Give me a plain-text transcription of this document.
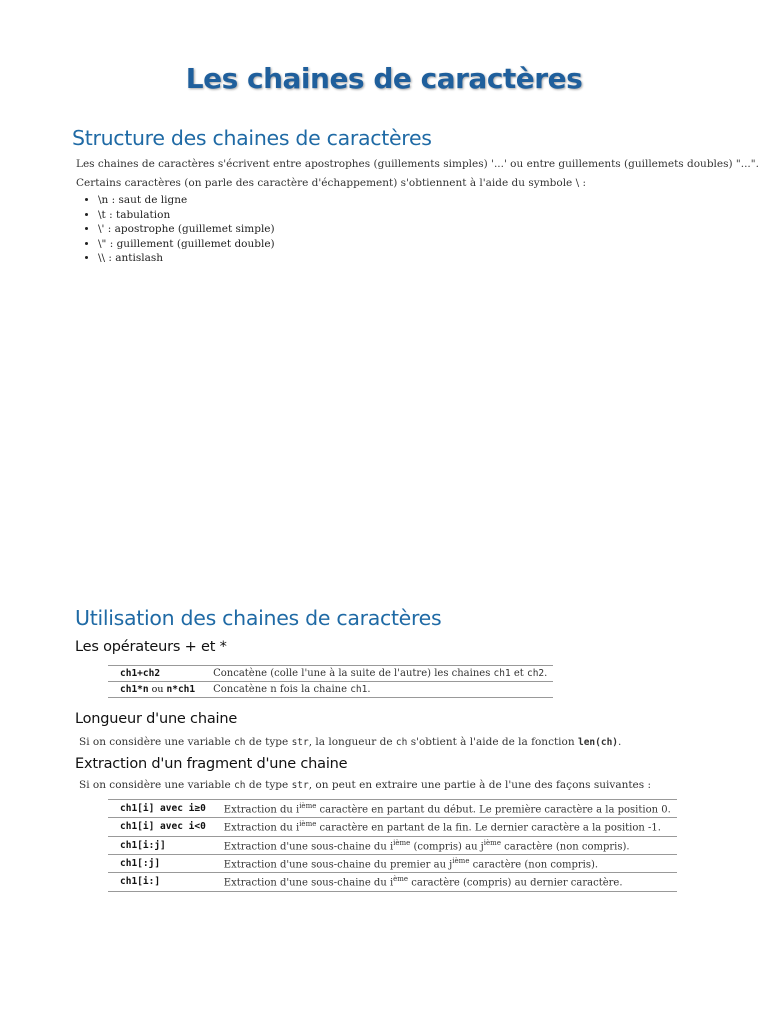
Les chaines de caractères
Structure des chaines de caractères

Les chaines de caractères s'écrivent entre apostrophes (guillements simples) '...' ou entre guillements (guillemets doubles) "...".

Certains caractères (on parle des caractère d'échappement) s'obtiennent à l'aide du symbole \ :

• \n : saut de ligne
• \t : tabulation
• \' : apostrophe (guillemet simple)
• \" : guillement (guillemet double)
• \\ : antislash
Utilisation des chaines de caractères
Les opérateurs + et *
ch1+ch2	Concatène (colle l'une à la suite de l'autre) les chaines ch1 et ch2.
ch1*n ou n*ch1	Concatène n fois la chaine ch1.
Longueur d'une chaine

Si on considère une variable ch de type str, la longueur de ch s'obtient à l'aide de la fonction len(ch).

Extraction d'un fragment d'une chaine

Si on considère une variable ch de type str, on peut en extraire une partie à de l'une des façons suivantes :

ch1[i] avec i≥0	Extraction du $i^{ième}$ caractère en partant du début. Le première caractère a la position 0.
ch1[i] avec i<0	Extraction du $i^{ième}$ caractère en partant de la fin. Le dernier caractère a la position -1.
ch1[i:j]	Extraction d'une sous-chaine du $i^{ième}$ (compris) au $j^{ième}$ caractère (non compris).
ch1[:j]	Extraction d'une sous-chaine du premier au $j^{ième}$ caractère (non compris).
ch1[i:]	Extraction d'une sous-chaine du $i^{ème}$ caractère (compris) au dernier caractère.
